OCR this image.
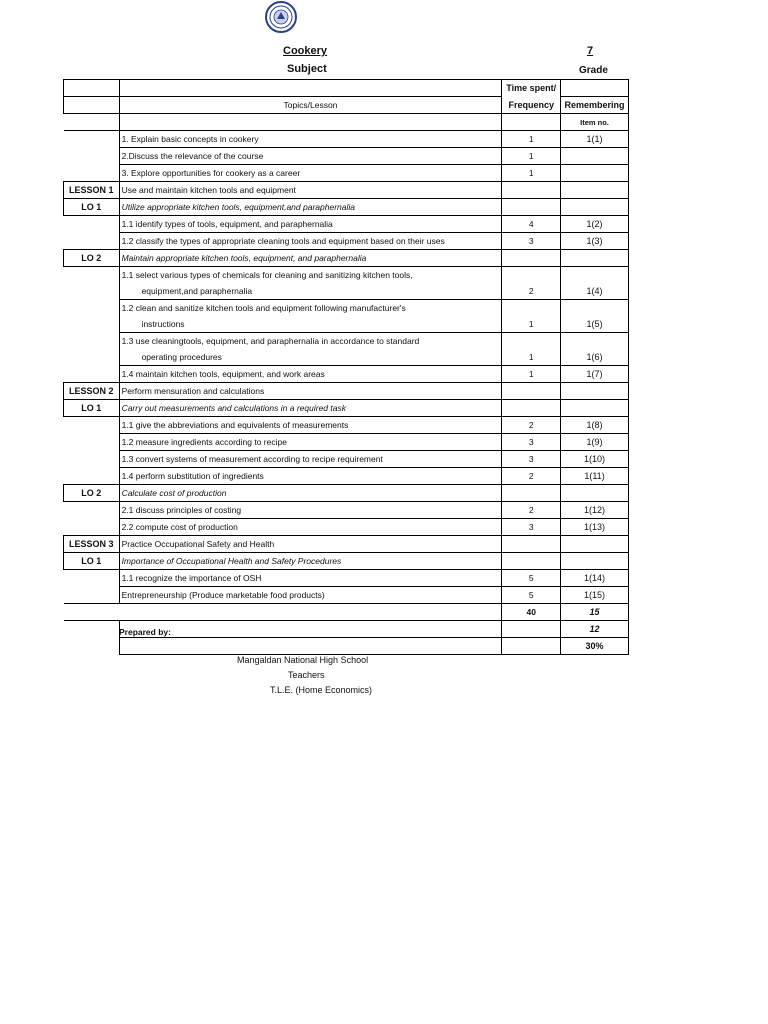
Cookery
Subject
7
Grade
		Time spent/	
	Topics/Lesson	Frequency	Remembering
			Item no.
	1. Explain basic concepts in cookery	1	1(1)
	2.Discuss the relevance of the course	1	
	3. Explore opportunities for cookery as a career	1	
LESSON 1	Use and maintain kitchen tools and equipment		
LO 1	Utilize appropriate kitchen tools, equipment,and paraphernalia		
	1.1 identify types of tools, equipment, and paraphernalia	4	1(2)
	1.2 classify the types of appropriate cleaning tools and equipment based on their uses	3	1(3)
LO 2	Maintain appropriate kitchen tools, equipment, and paraphernalia		
	1.1 select various types of chemicals for cleaning and sanitizing kitchen tools,		
	equipment,and paraphernalia	2	1(4)
	1.2 clean and sanitize kitchen tools and equipment following manufacturer's		
	instructions	1	1(5)
	1.3 use cleaningtools, equipment, and paraphernalia in accordance to standard		
	operating procedures	1	1(6)
	1.4 maintain kitchen tools, equipment, and work areas	1	1(7)
LESSON 2	Perform mensuration and calculations		
LO 1	Carry out measurements and calculations in a required task		
	1.1 give the abbreviations and equivalents of measurements	2	1(8)
	1.2 measure ingredients according to recipe	3	1(9)
	1.3 convert systems of measurement according to recipe requirement	3	1(10)
	1.4 perform substitution of ingredients	2	1(11)
LO 2	Calculate cost of production		
	2.1 discuss principles of costing	2	1(12)
	2.2 compute cost of production	3	1(13)
LESSON 3	Practice Occupational Safety and Health		
LO 1	Importance of Occupational Health and Safety Procedures		
	1.1 recognize the importance of OSH	5	1(14)
	Entrepreneurship (Produce marketable food products)	5	1(15)
		40	15
			12
			30%
Prepared by:
Mangaldan National High School
Teachers
T.L.E. (Home Economics)
